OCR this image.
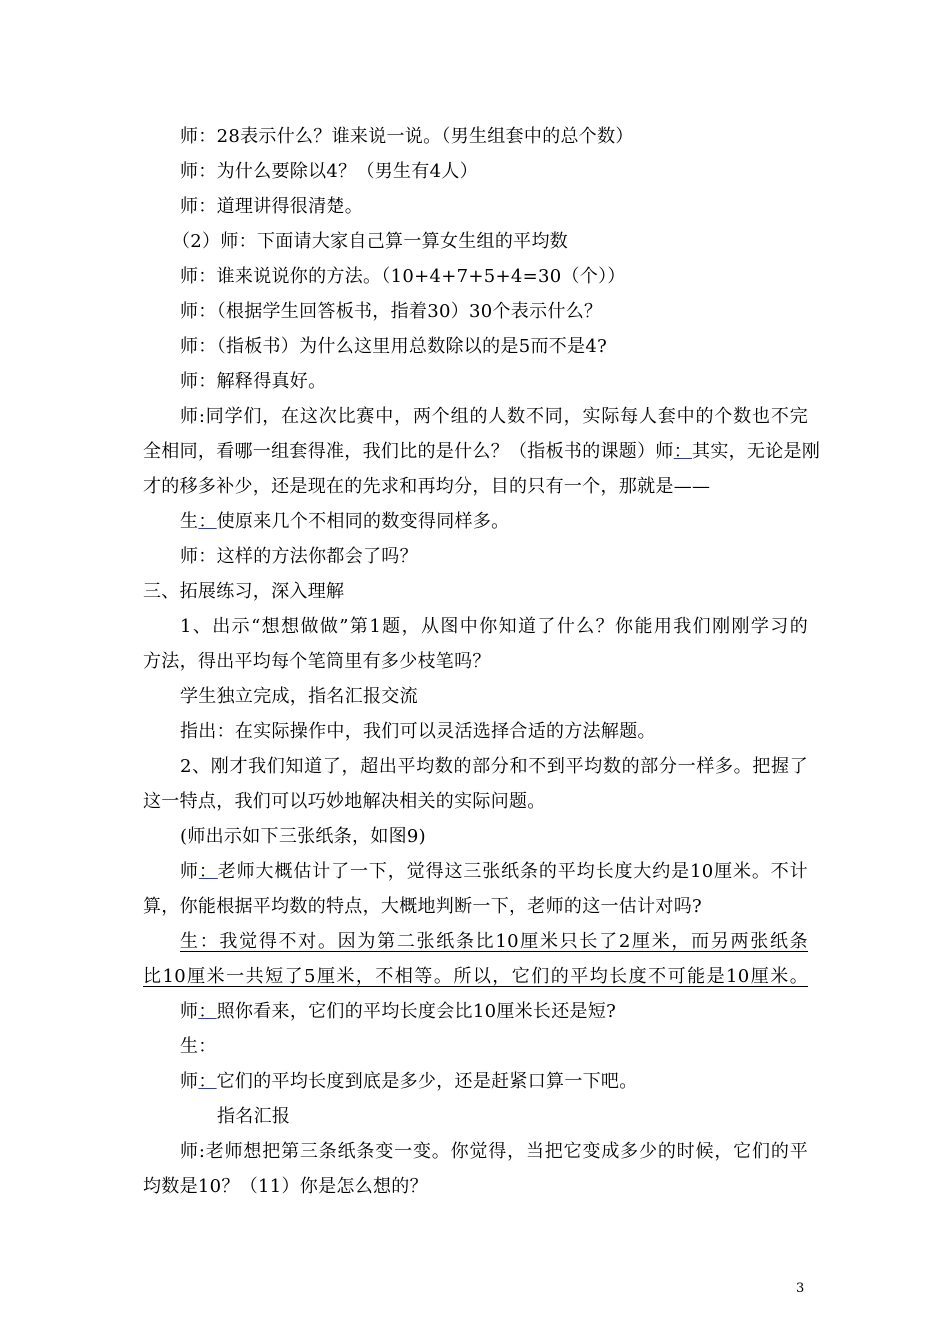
师：28表示什么？谁来说一说。（男生组套中的总个数）
师：为什么要除以4？（男生有4人）
师：道理讲得很清楚。
（2）师：下面请大家自己算一算女生组的平均数
师：谁来说说你的方法。（10+4+7+5+4=30（个））
师：（根据学生回答板书，指着30）30个表示什么？
师：（指板书）为什么这里用总数除以的是5而不是4?
师：解释得真好。
师:同学们，在这次比赛中，两个组的人数不同，实际每人套中的个数也不完
全相同，看哪一组套得准，我们比的是什么？（指板书的课题）师：其实，无论是刚
才的移多补少，还是现在的先求和再均分，目的只有一个，那就是——
生：使原来几个不相同的数变得同样多。
师：这样的方法你都会了吗？
三、拓展练习，深入理解
1、出示“想想做做”第1题，从图中你知道了什么？你能用我们刚刚学习的
方法，得出平均每个笔筒里有多少枝笔吗？
学生独立完成，指名汇报交流
指出：在实际操作中，我们可以灵活选择合适的方法解题。
2、刚才我们知道了，超出平均数的部分和不到平均数的部分一样多。把握了
这一特点，我们可以巧妙地解决相关的实际问题。
(师出示如下三张纸条，如图9)
师：老师大概估计了一下，觉得这三张纸条的平均长度大约是10厘米。不计
算，你能根据平均数的特点，大概地判断一下，老师的这一估计对吗?
生：我觉得不对。因为第二张纸条比10厘米只长了2厘米，而另两张纸条
比10厘米一共短了5厘米，不相等。所以，它们的平均长度不可能是10厘米。
师：照你看来，它们的平均长度会比10厘米长还是短?
生：
师：它们的平均长度到底是多少，还是赶紧口算一下吧。
指名汇报
师:老师想把第三条纸条变一变。你觉得，当把它变成多少的时候，它们的平
均数是10？（11）你是怎么想的？
3
